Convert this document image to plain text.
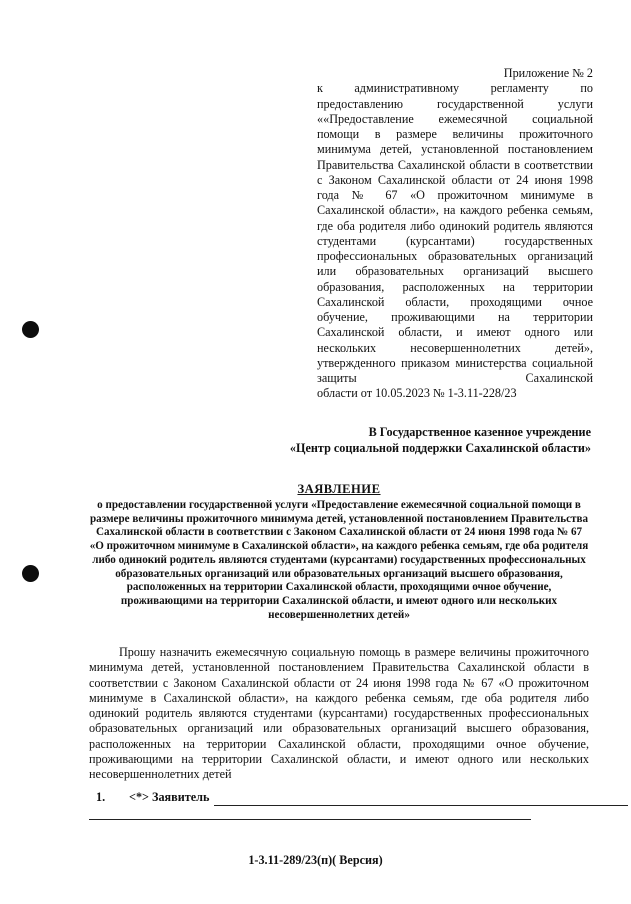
Приложение № 2
к административному регламенту по предоставлению государственной услуги ««Предоставление ежемесячной социальной помощи в размере величины прожиточного минимума детей, установленной постановлением Правительства Сахалинской области в соответствии с Законом Сахалинской области от 24 июня 1998 года № 67 «О прожиточном минимуме в Сахалинской области», на каждого ребенка семьям, где оба родителя либо одинокий родитель являются студентами (курсантами) государственных профессиональных образовательных организаций или образовательных организаций высшего образования, расположенных на территории Сахалинской области, проходящими очное обучение, проживающими на территории Сахалинской области, и имеют одного или нескольких несовершеннолетних детей», утвержденного приказом министерства социальной защиты Сахалинской
области от 10.05.2023 № 1-3.11-228/23
В Государственное казенное учреждение
«Центр социальной поддержки Сахалинской области»
ЗАЯВЛЕНИЕ
о предоставлении государственной услуги «Предоставление ежемесячной социальной помощи в размере величины прожиточного минимума детей, установленной постановлением Правительства Сахалинской области в соответствии с Законом Сахалинской области от 24 июня 1998 года № 67 «О прожиточном минимуме в Сахалинской области», на каждого ребенка семьям, где оба родителя либо одинокий родитель являются студентами (курсантами) государственных профессиональных образовательных организаций или образовательных организаций высшего образования, расположенных на территории Сахалинской области, проходящими очное обучение, проживающими на территории Сахалинской области, и имеют одного или нескольких несовершеннолетних детей»
Прошу назначить ежемесячную социальную помощь в размере величины прожиточного минимума детей, установленной постановлением Правительства Сахалинской области в соответствии с Законом Сахалинской области от 24 июня 1998 года № 67 «О прожиточном минимуме в Сахалинской области», на каждого ребенка семьям, где оба родителя либо одинокий родитель являются студентами (курсантами) государственных профессиональных образовательных организаций или образовательных организаций высшего образования, расположенных на территории Сахалинской области, проходящими очное обучение, проживающими на территории Сахалинской области, и имеют одного или нескольких несовершеннолетних детей
1. <*> Заявитель
1-3.11-289/23(п)( Версия)
